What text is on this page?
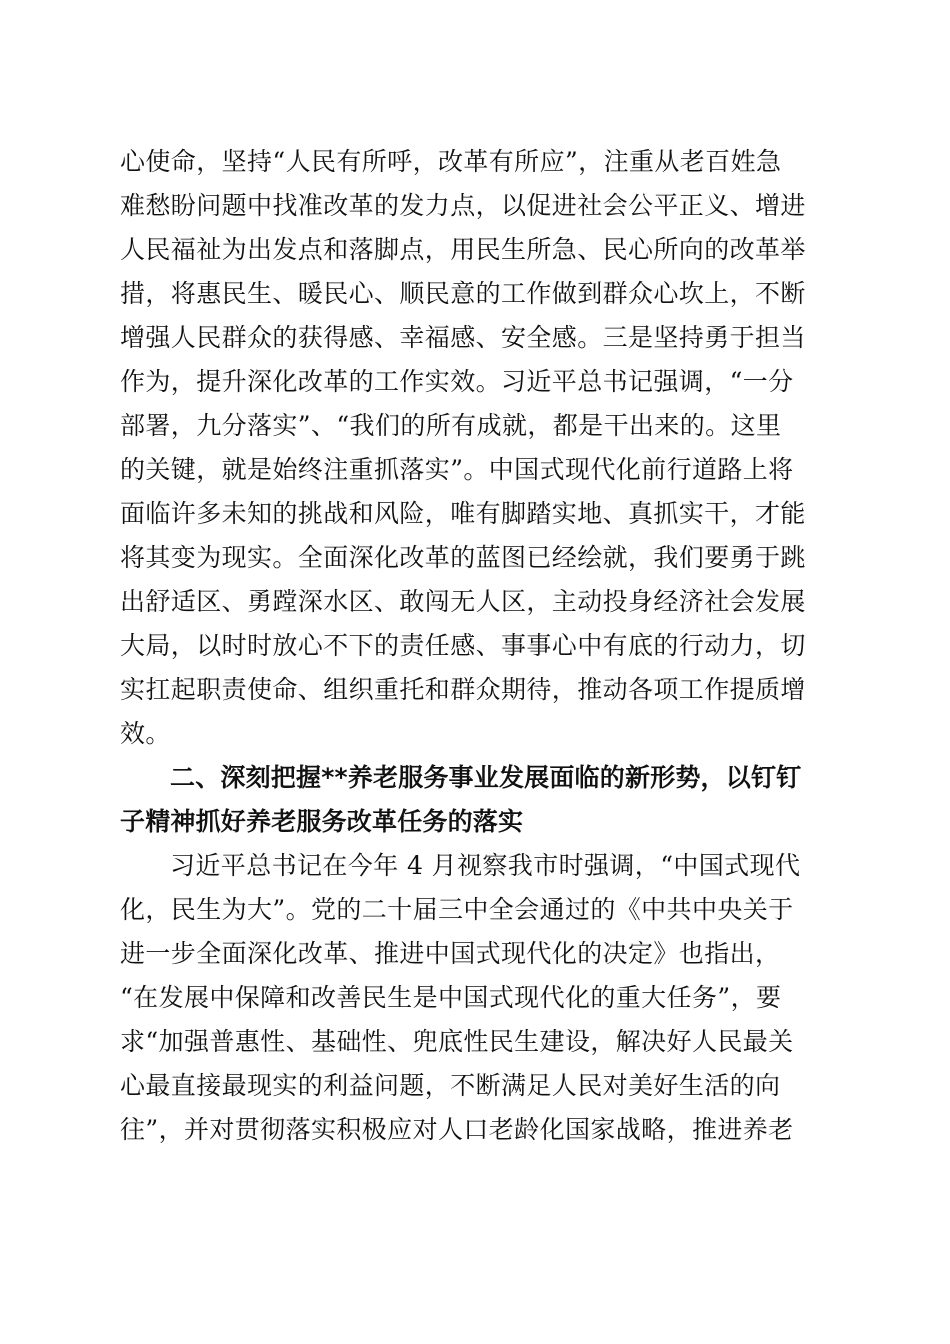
心使命，坚持“人民有所呼，改革有所应”，注重从老百姓急
难愁盼问题中找准改革的发力点，以促进社会公平正义、增进
人民福祉为出发点和落脚点，用民生所急、民心所向的改革举
措，将惠民生、暖民心、顺民意的工作做到群众心坎上，不断
增强人民群众的获得感、幸福感、安全感。三是坚持勇于担当
作为，提升深化改革的工作实效。习近平总书记强调，“一分
部署，九分落实”、“我们的所有成就，都是干出来的。这里
的关键，就是始终注重抓落实”。中国式现代化前行道路上将
面临许多未知的挑战和风险，唯有脚踏实地、真抓实干，才能
将其变为现实。全面深化改革的蓝图已经绘就，我们要勇于跳
出舒适区、勇蹚深水区、敢闯无人区，主动投身经济社会发展
大局，以时时放心不下的责任感、事事心中有底的行动力，切
实扛起职责使命、组织重托和群众期待，推动各项工作提质增
效。
二、深刻把握**养老服务事业发展面临的新形势，以钉钉
子精神抓好养老服务改革任务的落实
习近平总书记在今年 4 月视察我市时强调，“中国式现代
化，民生为大”。党的二十届三中全会通过的《中共中央关于
进一步全面深化改革、推进中国式现代化的决定》也指出，
“在发展中保障和改善民生是中国式现代化的重大任务”，要
求“加强普惠性、基础性、兜底性民生建设，解决好人民最关
心最直接最现实的利益问题，不断满足人民对美好生活的向
往”，并对贯彻落实积极应对人口老龄化国家战略，推进养老
